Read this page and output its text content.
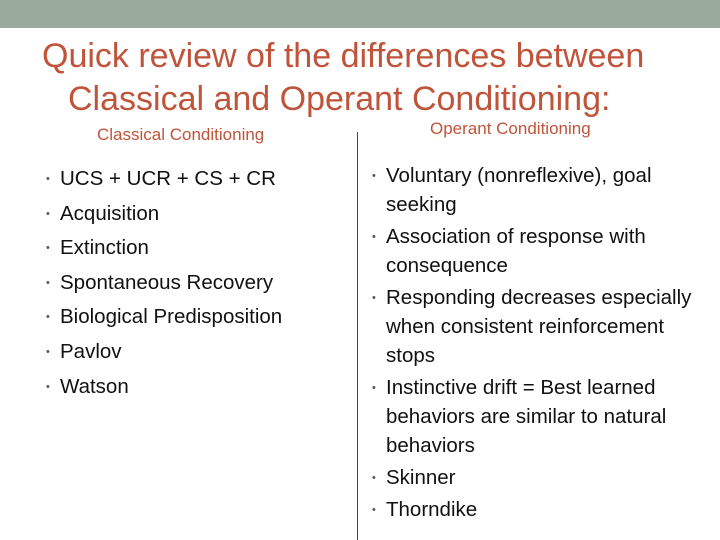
Quick review of the differences between
Classical and Operant Conditioning:
Classical Conditioning	Operant Conditioning
• UCS + UCR + CS + CR
• Acquisition
• Extinction
• Spontaneous Recovery
• Biological Predisposition
• Pavlov
• Watson
• Voluntary (nonreflexive), goal seeking
• Association of response with consequence
• Responding decreases especially when consistent reinforcement stops
• Instinctive drift = Best learned behaviors are similar to natural behaviors
• Skinner
• Thorndike
